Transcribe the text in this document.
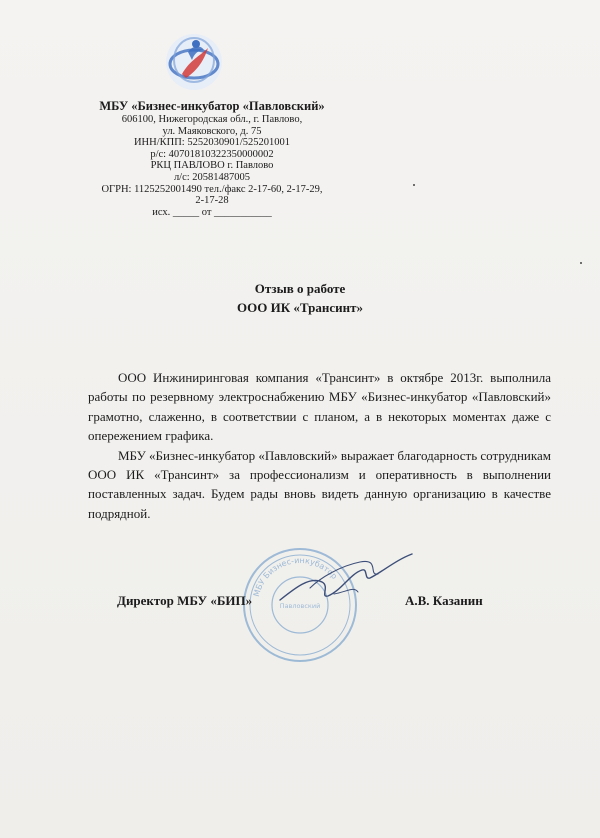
МБУ «Бизнес-инкубатор «Павловский»
606100, Нижегородская обл., г. Павлово,
ул. Маяковского, д. 75
ИНН/КПП: 5252030901/525201001
р/с: 40701810322350000002
РКЦ ПАВЛОВО г. Павлово
л/с: 20581487005
ОГРН: 1125252001490 тел./факс 2-17-60, 2-17-29,
2-17-28
исх. _____ от ___________
Отзыв о работе
ООО ИК «Трансинт»

ООО Инжиниринговая компания «Трансинт» в октябре 2013г. выполнила работы по резервному электроснабжению МБУ «Бизнес-инкубатор «Павловский» грамотно, слаженно, в соответствии с планом, а в некоторых моментах даже с опережением графика.

МБУ «Бизнес-инкубатор «Павловский» выражает благодарность сотрудникам ООО ИК «Трансинт» за профессионализм и оперативность в выполнении поставленных задач. Будем рады вновь видеть данную организацию в качестве подрядной.

МБУ Бизнес-инкубатор
Павловский
Директор МБУ «БИП»	А.В. Казанин
